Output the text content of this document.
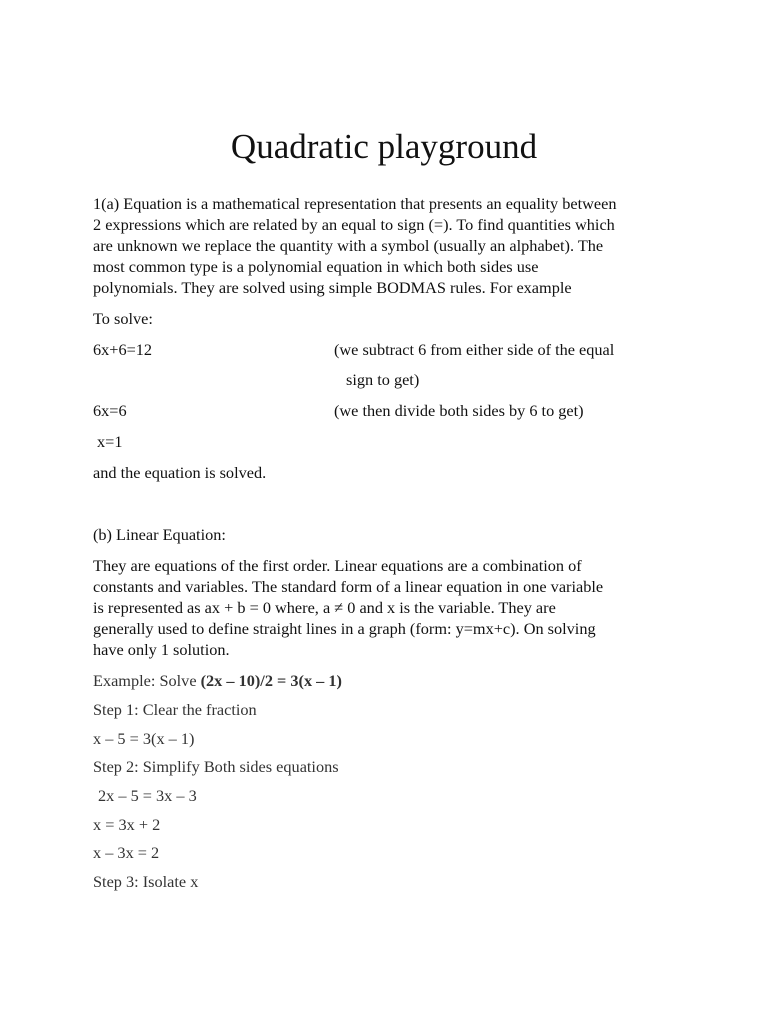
Quadratic playground
1(a) Equation is a mathematical representation that presents an equality between
2 expressions which are related by an equal to sign (=). To find quantities which
are unknown we replace the quantity with a symbol (usually an alphabet). The
most common type is a polynomial equation in which both sides use
polynomials. They are solved using simple BODMAS rules. For example
To solve:
6x+6=12	(we subtract 6 from either side of the equal
sign to get)
6x=6	(we then divide both sides by 6 to get)
x=1
and the equation is solved.
(b) Linear Equation:
They are equations of the first order. Linear equations are a combination of
constants and variables. The standard form of a linear equation in one variable
is represented as ax + b = 0 where, a ≠ 0 and x is the variable. They are
generally used to define straight lines in a graph (form: y=mx+c). On solving
have only 1 solution.
Example: Solve (2x – 10)/2 = 3(x – 1)
Step 1: Clear the fraction
x – 5 = 3(x – 1)
Step 2: Simplify Both sides equations
2x – 5 = 3x – 3
x = 3x + 2
x – 3x = 2
Step 3: Isolate x
